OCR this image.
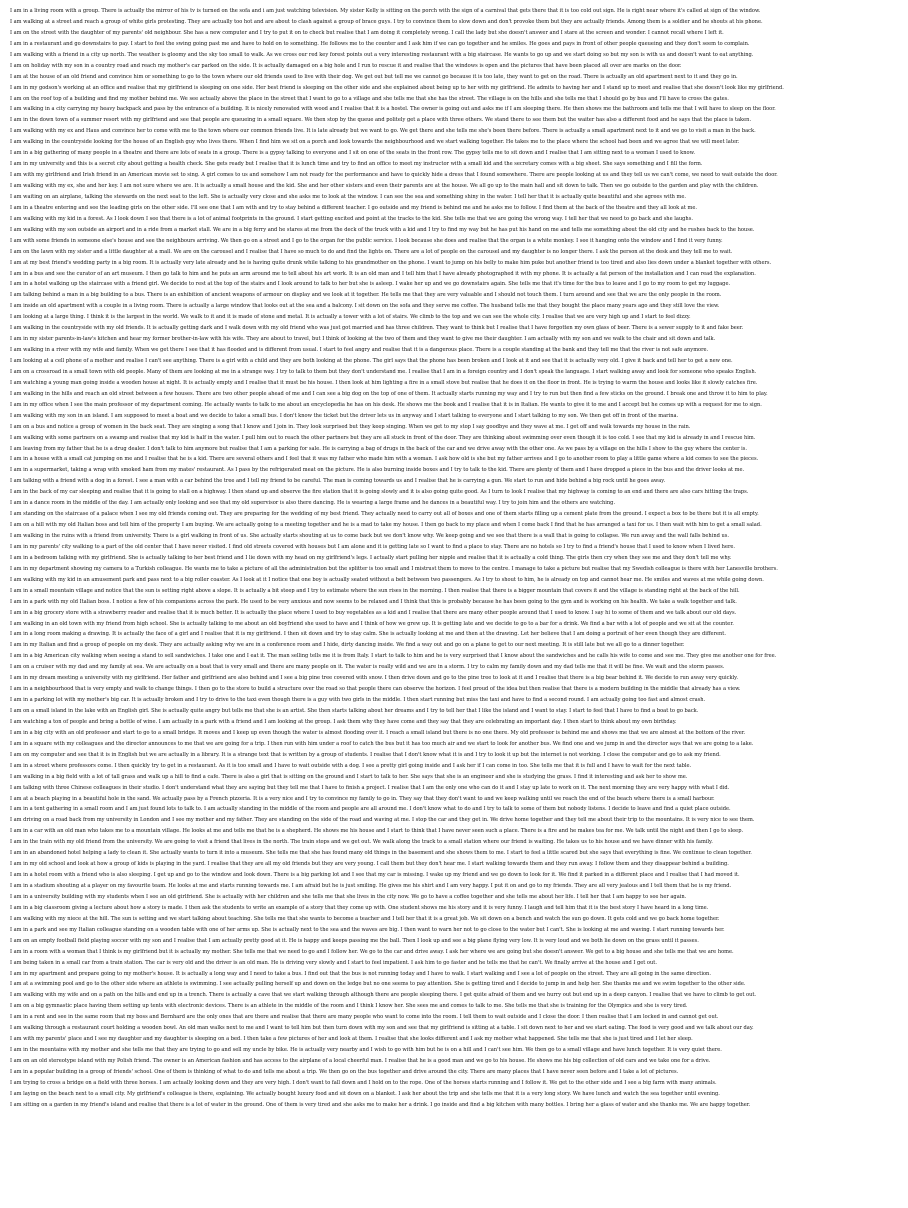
I am in a living room with a group. There is actually the mirror of his tv is turned on the sofa and i am just watching television. My sister Kelly is sitting on the porch with the sign of a carnival that gets there that it is too cold out sign. He is right near where it's called at sign of the window.
I am walking at a street and reach a group of white girls protesting. They are actually too hot and are about to clash against a group of brace guys. I try to convince them to slow down and don't provoke them but they are actually friends. Among them is a soldier and he shouts at his phone.
I am on the street with the daughter of my parents' old neighbour. She has a new computer and I try to put it on to check but realise that I am doing it completely wrong. I call the lady but she doesn't answer and I stare at the screen and wonder. I cannot recall where I left it.
I am in a restaurant and go downstairs to pay. I start to feel the swing going past me and have to hold on to something. He follows me to the counter and I ask him if we can go together and he smiles. He goes and pays in front of other people queueing and they don't seem to complain.
I am walking with a friend in a city up north. The weather is gloomy and the sky too small to walk. As we cross our red key forest points out a very interesting restaurant with a big staircase. He wants to go up and we start doing so but my son is with us and doesn't want to eat anything.
I am on holiday with my son in a country road and reach my mother's car parked on the side. It is actually damaged on a big hole and I run to rescue it and realise that the windows is open and the pictures that have been placed all over are marks on the door.
I am at the house of an old friend and convince him or something to go to the town where our old friends used to live with their dog. We get out but tell me we cannot go because it is too late, they want to get on the road. There is actually an old apartment next to it and they go in.
I am in my godson's working at an office and realise that my girlfriend is sleeping on one side. Her best friend is sleeping on the other side and she explained about being up to her with my girlfriend. He admits to having her and I stand up to meet and realise that she doesn't look like my girlfriend.
I am on the roof top of a building and find my mother behind me. We see actually above the place in the street that I want to go to a village and she tells me that she has the street. The village is on the hills and she tells me that I should go by bus and I'll have to cross the gates.
I am walking in a city carrying my heavy backpack and pass by the entrance of a building. It is nicely renovated with wood and I realise that it is a hostel. The owner is going out and asks me if I am sleeping there. He then shows me the bathroom and tells me that I will have to sleep on the floor.
I am in the down town of a summer resort with my girlfriend and see that people are queueing in a small square. We then stop by the queue and politely get a place with three others. We stand there to see them but the waiter has also a different food and he says that the place is taken.
I am walking with my ex and Haus and convince her to come with me to the town where our common friends live. It is late already but we want to go. We get there and she tells me she's been there before. There is actually a small apartment next to it and we go to visit a man in the back.
I am walking in the countryside looking for the house of an English guy who lives there. When I find him we sit on a porch and look towards the neighbourhood and we start walking together. He takes me to the place where the school had been and we agree that we will meet later.
I am in a big gathering of many people in a theatre and there are lots of seats in a group. There is a gypsy talking to everyone and I sit on one of the seats in the front row. The gypsy tells me to sit down and I realise that I am sitting next to a woman I used to know.
I am in my university and this is a secret city about getting a health check. She gets ready but I realise that it is lunch time and try to find an office to meet my instructor with a small kid and the secretary comes with a big sheet. She says something and I fill the form.
I am with my girlfriend and Irish friend in an American movie set to sing. A girl comes to us and somehow I am not ready for the performance and have to quickly hide a dress that I found somewhere. There are people looking at us and they tell us we can't come, we need to wait outside the door.
I am walking with my ex, she and her key. I am not sure where we are. It is actually a small house and the kid. She and her other sisters and even their parents are at the house. We all go up to the main hall and sit down to talk. Then we go outside to the garden and play with the children.
I am waiting on an airplane, talking the stewards on the next seat to the left. She is actually very close and she asks me to look at the window. I can see the sea and something shiny in the water. I tell her that it is actually quite beautiful and she agrees with me.
I am in a theatre entering and see the leading girls on the other side. I'll see one that I am with and try to stay behind a different teacher. I go outside and my friend is behind me and he asks me to follow. I find them at the back of the theatre and they all look at me.
I am walking with my kid in a forest. As I look down I see that there is a lot of animal footprints in the ground. I start getting excited and point at the tracks to the kid. She tells me that we are going the wrong way. I tell her that we need to go back and she laughs.
I am walking with my son outside an airport and in a ride from a market stall. We are in a big ferry and he stares at me from the deck of the truck with a kid and I try to find my way but he has put his hand on me and tells me something about the old city and he rushes back to the house.
I am with some friends in someone else's house and see the neighbours arriving. We then go on a street and I go to the organ for the public service. I look because she does and realise that the organ is a white monkey. I see it hanging onto the window and I find it very funny.
I am on the lawn with my sister and a little daughter at a mall. We are on the carousel and I realise that I have so much to do and find the lights on. There are a lot of people on the carousel and my daughter is no longer there. I ask the person at the desk and they tell me to wait.
I am at my best friend's wedding party in a big room. It is actually very late already and he is having quite drunk while talking to his grandmother on the phone. I want to jump on his belly to make him puke but another friend is too tired and also lies down under a blanket together with others.
I am in a bus and see the curator of an art museum. I then go talk to him and he puts an arm around me to tell about his art work. It is an old man and I tell him that I have already photographed it with my phone. It is actually a fat person of the installation and I can read the explanation.
I am in a hotel walking up the staircase with a friend girl. We decide to rest at the top of the stairs and I look around to talk to her but she is asleep. I wake her up and we go downstairs again. She tells me that it's time for the bus to leave and I go to my room to get my luggage.
I am talking behind a man in a big building to a bus. There is an exhibition of ancient weapons of armour on display and we look at it together. He tells me that they are very valuable and I should not touch them. I turn around and see that we are the only people in the room.
I am inside an old apartment with a couple in a living room. There is actually a large window that looks out at the sea and a balcony. I sit down on the sofa and they serve me coffee. The husband tells me that they bought the place many years ago and they still love the view.
I am looking at a large thing. I think it is the largest in the world. We walk to it and it is made of stone and metal. It is actually a tower with a lot of stairs. We climb to the top and we can see the whole city. I realise that we are very high up and I start to feel dizzy.
I am walking in the countryside with my old friends. It is actually getting dark and I walk down with my old friend who was just got married and has three children. They want to think but I realise that I have forgotten my own glass of beer. There is a sewer supply to it and fake beer.
I am in my sister parents-in-law's kitchen and hear my former brother-in-law with his wife. They are about to travel, but I think of looking at the two of them and they want to give me their daughter. I am actually with my son and we walk to the chair and sit down and talk.
I am walking in a river with my wife and family. When we get there I see that it has flooded and is different from usual. I start to feel angry and realise that it is a dangerous place. There is a couple standing at the bank and they tell me that the river is not safe anymore.
I am looking at a cell phone of a mother and realise I can't see anything. There is a girl with a child and they are both looking at the phone. The girl says that the phone has been broken and I look at it and see that it is actually very old. I give it back and tell her to get a new one.
I am on a crossroad in a small town with old people. Many of them are looking at me in a strange way. I try to talk to them but they don't understand me. I realise that I am in a foreign country and I don't speak the language. I start walking away and look for someone who speaks English.
I am watching a young man going inside a wooden house at night. It is actually empty and I realise that it must be his house. I then look at him lighting a fire in a small stove but realise that he does it on the floor in front. He is trying to warm the house and looks like it slowly catches fire.
I am walking in the hills and reach an old street between a few houses. There are two other people ahead of me and I can see a big dog on the top of one of them. It actually starts running my way and I try to run but then find a few sticks on the ground. I break one and throw it to him to play.
I am in my office when I see the main professor of my department coming. He actually wants to talk to me about an encyclopedia he has on his desk. He shows me the book and I realise that it is in Italian. He wants to give it to me and I accept but he comes up with a request for me to sign.
I am walking with my son in an island. I am supposed to meet a boat and we decide to take a small bus. I don't know the ticket but the driver lets us in anyway and I start talking to everyone and I start talking to my son. We then get off in front of the marina.
I am on a bus and notice a group of women in the back seat. They are singing a song that I know and I join in. They look surprised but they keep singing. When we get to my stop I say goodbye and they wave at me. I get off and walk towards my house in the rain.
I am walking with some partners on a swamp and realise that my kid is half in the water. I pull him out to reach the other partners but they are all stuck in front of the door. They are thinking about swimming over even though it is too cold. I see that my kid is already in and I rescue him.
I am leaving from my father that he is a drug dealer. I don't talk to him anymore but realise that I am a parking for sale. He is carrying a bag of drugs in the back of the car and we drive away with the other one. As we pass by a village on the hills I show to the guy where the center is.
I am in a house with a small cat jumping on me and I realise that he is a kid. There are several others and I feel that it was my father who made him with a woman. I ask how old is she but my father arrives and I go to another room to play a little game where a kid comes to see the pieces.
I am in a supermarket, taking a wrap with smoked ham from my mates' restaurant. As I pass by the refrigerated meat on the picture. He is also burning inside boxes and I try to talk to the kid. There are plenty of them and I have dropped a piece in the bus and the driver looks at me.
I am talking with a friend with a dog in a forest. I see a man with a car behind the tree and I tell my friend to be careful. The man is coming towards us and I realise that he is carrying a gun. We start to run and hide behind a big rock until he goes away.
I am in the back of my car sleeping and realise that it is going to stall on a highway. I then stand up and observe the fire station that it is going slowly and it is also going quite good. As I turn to look I realise that my highway is coming to an end and there are also cars hitting the traps.
I am in a dance room in the middle of the day. I am actually only looking and see that my old supervisor is also there dancing. He is wearing a large frame and he dances in a beautiful way. I try to join him and the others are watching.
I am standing on the staircase of a palace when I see my old friends coming out. They are preparing for the wedding of my best friend. They actually need to carry out all of boxes and one of them starts filling up a cement plate from the ground. I expect a box to be there but it is all empty.
I am on a hill with my old Italian boss and tell him of the property I am buying. We are actually going to a meeting together and he is a mad to take my house. I then go back to my place and when I come back I find that he has arranged a taxi for us. I then wait with him to get a small salad.
I am walking in the ruins with a friend from university. There is a girl walking in front of us. She actually starts shouting at us to come back but we don't know why. We keep going and we see that there is a wall that is going to collapse. We run away and the wall falls behind us.
I am in my parents' city walking to a part of the old center that I have never visited. I find old streets covered with houses but I am alone and it is getting late so I want to find a place to stay. There are no hotels so I try to find a friend's house that I used to know when I lived here.
I am in a bedroom talking with my girlfriend. She is actually talking to her best friend and I lie down with my head on my girlfriend's legs. I actually start pulling her nipple and realise that it is actually a cold thing. The girls then cry when they see me and they don't tell me why.
I am in my department showing my camera to a Turkish colleague. He wants me to take a picture of all the administration but the splitter is too small and I mistrust them to move to the centre. I manage to take a picture but realise that my Swedish colleague is there with her Lanesville brothers.
I am walking with my kid in an amusement park and pass next to a big roller coaster. As I look at it I notice that one boy is actually seated without a belt between two passengers. As I try to shout to him, he is already on top and cannot hear me. He smiles and waves at me while going down.
I am in a small mountain village and notice that the sun is setting right above a slope. It is actually a bit steep and I try to estimate where the sun rises in the morning. I then realise that there is a bigger mountain that covers it and the village is standing right at the back of the hill.
I am in a park with my old Italian boss. I notice a few of his companions across the park. He used to be very anxious and now seems to be relaxed and I think that this is probably because he has been going to the gym and is working on his health. We take a walk together and talk.
I am in a big grocery store with a strawberry reader and realise that it is much better. It is actually the place where I used to buy vegetables as a kid and I realise that there are many other people around that I used to know. I say hi to some of them and we talk about our old days.
I am walking in an old town with my friend from high school. She is actually talking to me about an old boyfriend she used to have and I think of how we grew up. It is getting late and we decide to go to a bar for a drink. We find a bar with a lot of people and we sit at the counter.
I am in a long room making a drawing. It is actually the face of a girl and I realise that it is my girlfriend. I then sit down and try to stay calm. She is actually looking at me and then at the drawing. Let her believe that I am doing a portrait of her even though they are different.
I am in my Italian and find a group of people on my desk. They are actually asking why we are in a conference room and I hide, dirty dancing inside. We find a way out and go on a plane to get to our next meeting. It is still late but we all go to a dinner together.
I am in a big American city walking when seeing a stand to sell sandwiches. I take one and I eat it. The man selling tells me it is from Italy. I start to talk to him and he is very surprised that I know about the sandwiches and he calls his wife to come and see me. They give me another one for free.
I am on a cruiser with my dad and my family at sea. We are actually on a boat that is very small and there are many people on it. The water is really wild and we are in a storm. I try to calm my family down and my dad tells me that it will be fine. We wait and the storm passes.
I am in my dream meeting a university with my girlfriend. Her father and girlfriend are also behind and I see a big pine tree covered with snow. I then drive down and go to the pine tree to look at it and I realise that there is a big bear behind it. We decide to run away very quickly.
I am in a neighbourhood that is very empty and walk to change things. I then go to the store to build a structure over the road so that people there can observe the horizon. I feel proud of the idea but then realise that there is a modern building in the middle that already has a view.
I am in a parking lot with my mother's big car. It is actually broken and I try to drive to the taxi even though there is a guy with two girls in the middle. I then start running but miss the taxi and have to find a second round. I am actually going too fast and almost crash.
I am on a small island in the lake with an English girl. She is actually quite angry but tells me that she is an artist. She then starts talking about her dreams and I try to tell her that I like the island and I want to stay. I start to feel that I have to find a boat to go back.
I am watching a ton of people and bring a bottle of wine. I am actually in a park with a friend and I am looking at the group. I ask them why they have come and they say that they are celebrating an important day. I then start to think about my own birthday.
I am in a big city with an old professor and start to go to a small bridge. It moves and I keep up even though the water is almost flooding over it. I reach a small island but there is no one there. My old professor is behind me and shows me that we are almost at the bottom of the river.
I am in a square with my colleagues and the director announces to me that we are going for a trip. I then run with him under a roof to catch the bus but it has too much air and we start to look for another bus. We find one and we jump in and the director says that we are going to a lake.
I am on my computer and see that it is in English but we are actually in a library. It is a strange text that is written by a group of students. I realise that I don't know what it is and I try to look it up but the internet is not working. I close the computer and go to ask my friend.
I am in a street where professors come. I then quickly try to get in a restaurant. As it is too small and I have to wait outside with a dog. I see a pretty girl going inside and I ask her if I can come in too. She tells me that it is full and I have to wait for the next table.
I am walking in a big field with a lot of tall grass and walk up a hill to find a cafe. There is also a girl that is sitting on the ground and I start to talk to her. She says that she is an engineer and she is studying the grass. I find it interesting and ask her to show me.
I am talking with three Chinese colleagues in their studio. I don't understand what they are saying but they tell me that I have to finish a project. I realise that I am the only one who can do it and I stay up late to work on it. The next morning they are very happy with what I did.
I am at a beach playing in a beautiful hole in the sand. We actually pass by a French pizzeria. It is a very nice and I try to convince my family to go in. They say that they don't want to and we keep walking until we reach the end of the beach where there is a small harbour.
I am in a tent gathering in a small room and I am just found lots to talk to. I am actually standing in the middle of the room and people are all around me. I don't know what to do and I try to talk to some of them but nobody listens. I decide to leave and find a quiet place outside.
I am driving on a road back from my university in London and I see my mother and my father. They are standing on the side of the road and waving at me. I stop the car and they get in. We drive home together and they tell me about their trip to the mountains. It is very nice to see them.
I am in a car with an old man who takes me to a mountain village. He looks at me and tells me that he is a shepherd. He shows me his house and I start to think that I have never seen such a place. There is a fire and he makes tea for me. We talk until the night and then I go to sleep.
I am in the train with my old friend from the university. We are going to visit a friend that lives in the north. The train stops and we get out. We walk along the track to a small station where our friend is waiting. He takes us to his house and we have dinner with his family.
I am in an abandoned hotel helping a lady to clean it. She actually wants to turn it into a museum. She tells me that she has found many old things in the basement and she shows them to me. I start to feel a little scared but she says that everything is fine. We continue to clean together.
I am in my old school and look at how a group of kids is playing in the yard. I realise that they are all my old friends but they are very young. I call them but they don't hear me. I start walking towards them and they run away. I follow them and they disappear behind a building.
I am in a hotel room with a friend who is also sleeping. I get up and go to the window and look down. There is a big parking lot and I see that my car is missing. I wake up my friend and we go down to look for it. We find it parked in a different place and I realise that I had moved it.
I am in a stadium shouting at a player on my favourite team. He looks at me and starts running towards me. I am afraid but he is just smiling. He gives me his shirt and I am very happy. I put it on and go to my friends. They are all very jealous and I tell them that he is my friend.
I am in a university building with my students when I see an old girlfriend. She is actually with her children and she tells me that she lives in the city now. We go to have a coffee together and she tells me about her life. I tell her that I am happy to see her again.
I am in a big classroom giving a lecture about how a story is made. I then ask the students to write an example of a story that they come up with. One student shows me his story and it is very funny. I laugh and tell him that it is the best story I have heard in a long time.
I am walking with my niece at the hill. The sun is setting and we start talking about teaching. She tells me that she wants to become a teacher and I tell her that it is a great job. We sit down on a bench and watch the sun go down. It gets cold and we go back home together.
I am in a park and see my Italian colleague standing on a wooden table with one of her arms up. She is actually next to the sea and the waves are big. I then want to warn her not to go close to the water but I can't. She is looking at me and waving. I start running towards her.
I am on an empty football field playing soccer with my son and I realise that I am actually pretty good at it. He is happy and keeps passing me the ball. Then I look up and see a big plane flying very low. It is very loud and we both lie down on the grass until it passes.
I am in a room with a woman that I think is my girlfriend but it is actually my mother. She tells me that we need to go and I follow her. We go to the car and drive away. I ask her where we are going but she doesn't answer. We get to a big house and she tells me that we are home.
I am being taken in a small car from a train station. The car is very old and the driver is an old man. He is driving very slowly and I start to feel impatient. I ask him to go faster and he tells me that he can't. We finally arrive at the house and I get out.
I am in my apartment and prepare going to my mother's house. It is actually a long way and I need to take a bus. I find out that the bus is not running today and I have to walk. I start walking and I see a lot of people on the street. They are all going in the same direction.
I am at a swimming pool and go to the other side where an athlete is swimming. I see actually pulling herself up and down on the ledge but no one seems to pay attention. She is getting tired and I decide to jump in and help her. She thanks me and we swim together to the other side.
I am walking with my wife and on a path on the hills and end up in a trench. There is actually a cave that we start walking through although there are people sleeping there. I get quite afraid of them and we hurry out but end up in a deep canyon. I realise that we have to climb to get out.
I am on a big gymnastic place having them setting up tents with electronic devices. There is an athlete in the middle of the room and I think I know her. She sees me and comes to talk to me. She tells me that she is training for the Olympics and she is very tired.
I am in a rent and see in the same room that my boss and Bernhard are the only ones that are there and realise that there are many people who want to come into the room. I tell them to wait outside and I close the door. I then realise that I am locked in and cannot get out.
I am walking through a restaurant court holding a wooden bowl. An old man walks next to me and I want to tell him but then turn down with my son and see that my girlfriend is sitting at a table. I sit down next to her and we start eating. The food is very good and we talk about our day.
I am with my parents' place and I see my daughter and my daughter is sleeping on a bed. I then take a few pictures of her and look at them. I realise that she looks different and I ask my mother what happened. She tells me that she is just tired and I let her sleep.
I am in the mountains with my mother and she tells me that they are trying to go and sell my uncle by bike. He is actually very nearby and I wish to go with him but he is on a hill and I can't see him. We then go to a small village and have lunch together. It is very quiet there.
I am on an old stereotype island with my Polish friend. The owner is an American fashion and has access to the airplane of a local cheerful man. I realise that he is a good man and we go to his house. He shows me his big collection of old cars and we take one for a drive.
I am in a popular building in a group of friends' school. One of them is thinking of what to do and tells me about a trip. We then go on the bus together and drive around the city. There are many places that I have never seen before and I take a lot of pictures.
I am trying to cross a bridge on a field with three horses. I am actually looking down and they are very high. I don't want to fall down and I hold on to the rope. One of the horses starts running and I follow it. We get to the other side and I see a big farm with many animals.
I am laying on the beach next to a small city. My girlfriend's colleague is there, explaining. We actually bought luxury food and sit down on a blanket. I ask her about the trip and she tells me that it is a very long story. We have lunch and watch the sea together until evening.
I am sitting on a garden in my friend's island and realise that there is a lot of water in the ground. One of them is very tired and she asks me to make her a drink. I go inside and find a big kitchen with many bottles. I bring her a glass of water and she thanks me. We are happy together.
